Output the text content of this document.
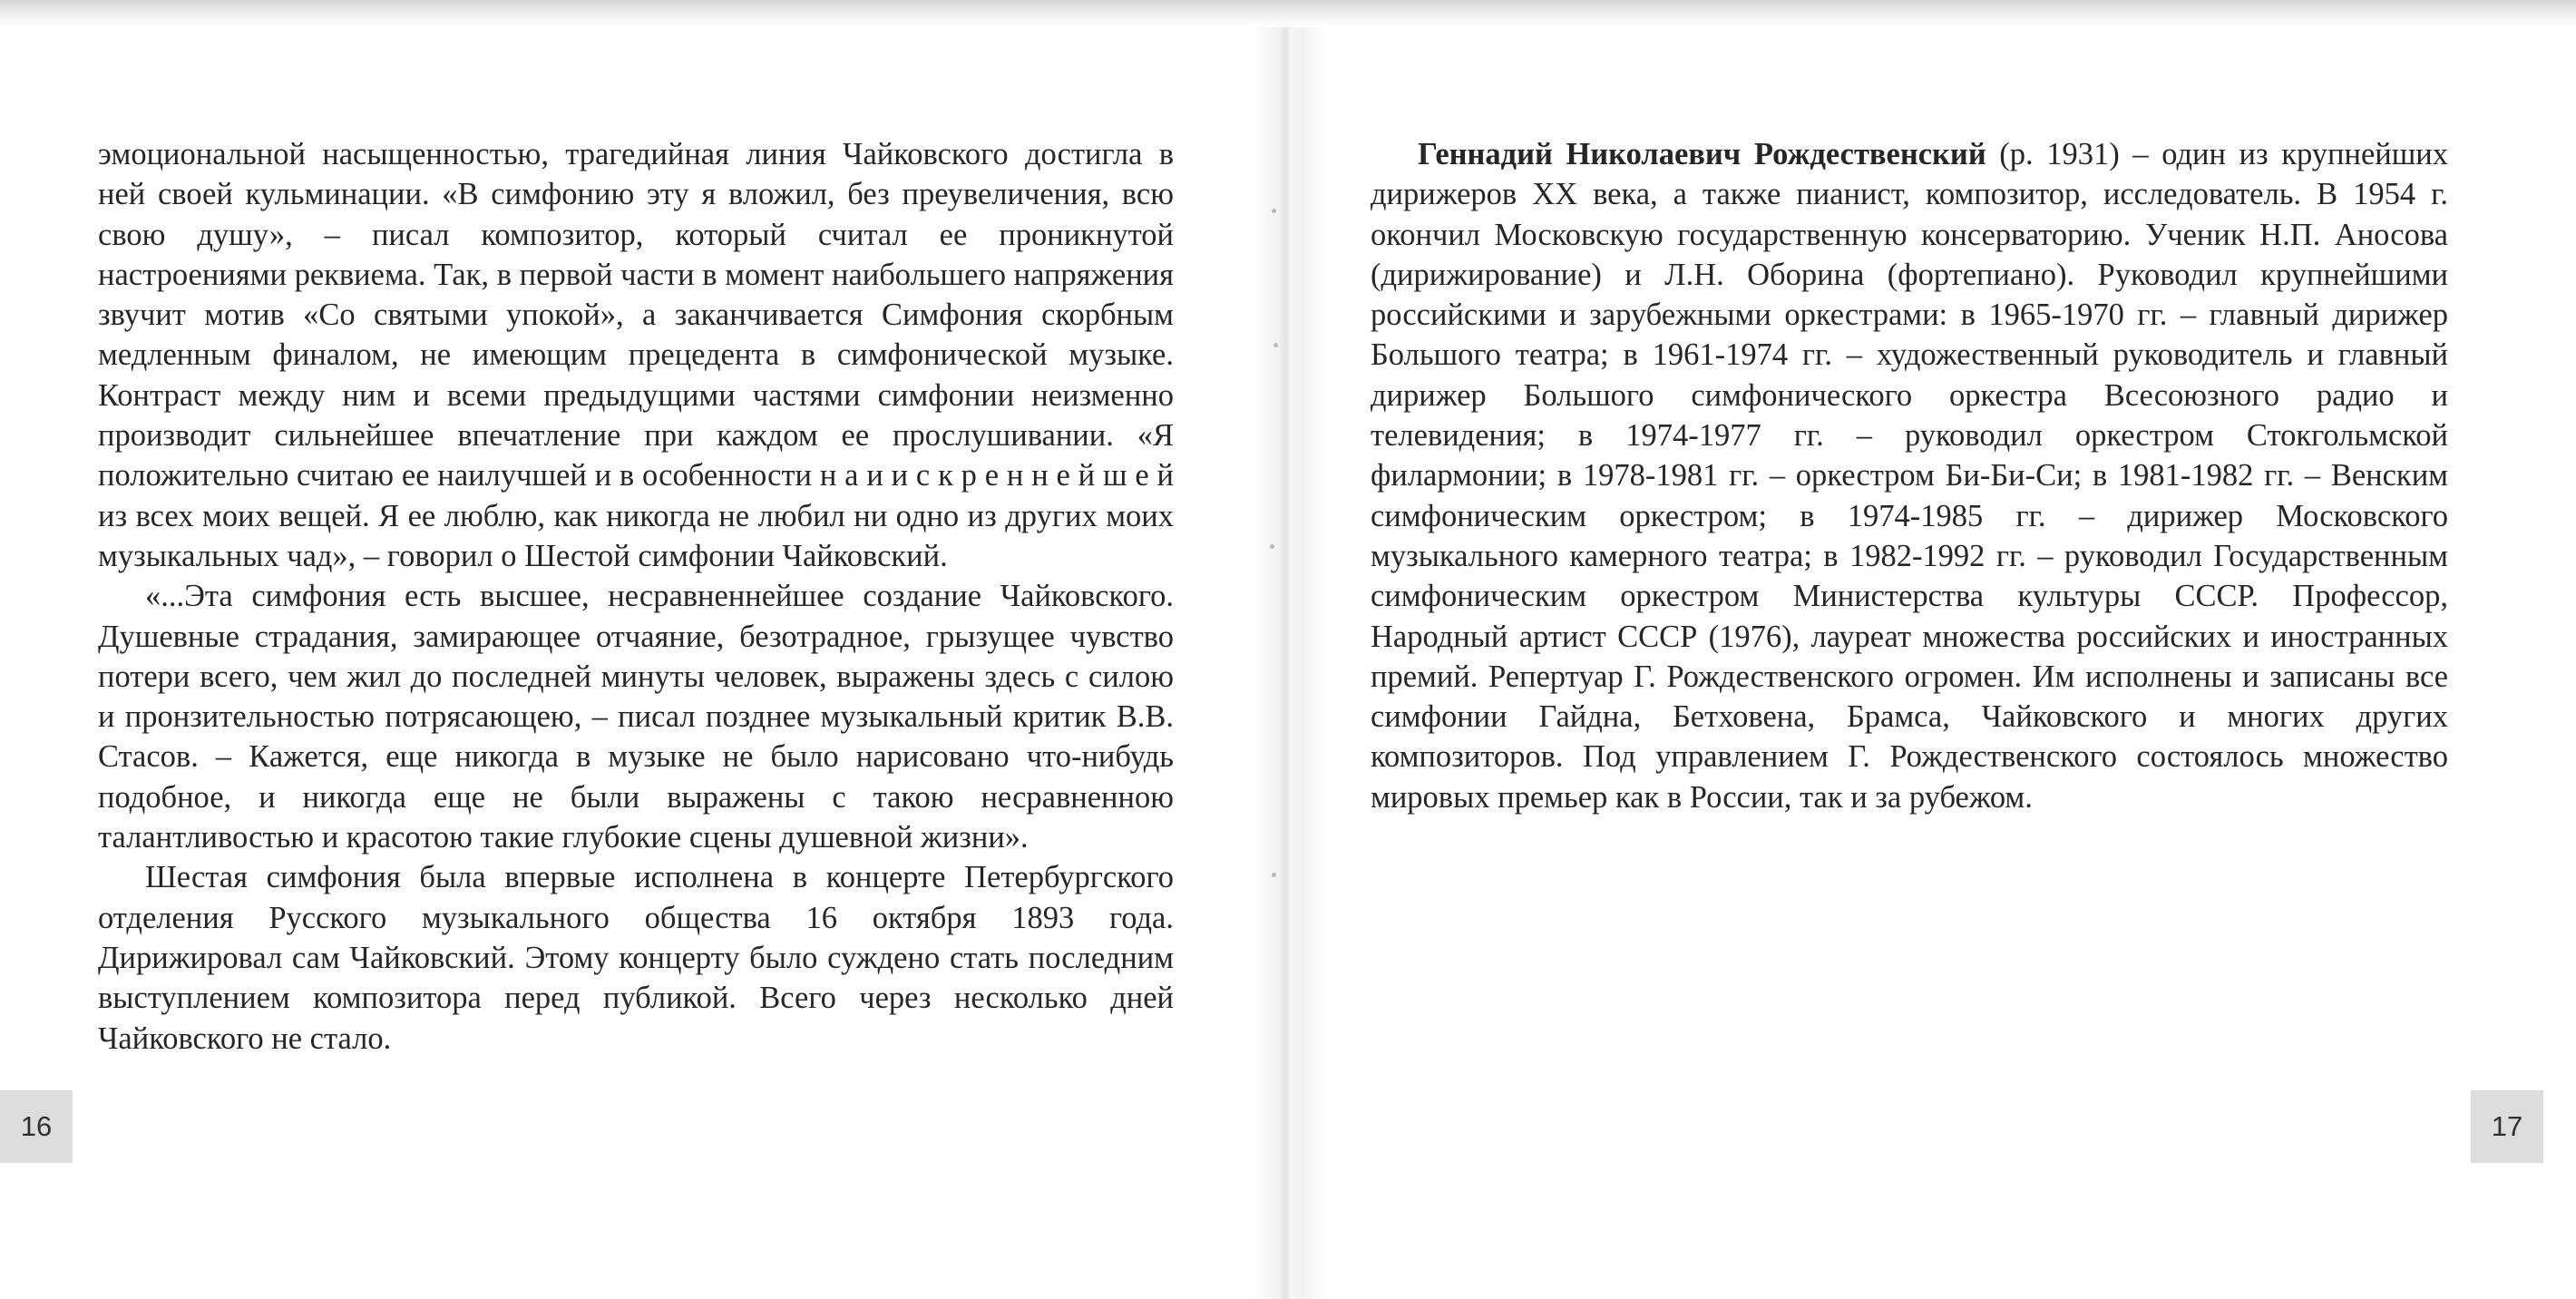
эмоциональной насыщенностью, трагедийная линия Чайковского достигла в ней своей кульминации. «В симфонию эту я вложил, без преувеличения, всю свою душу», – писал композитор, который считал ее проникнутой настроениями реквиема. Так, в первой части в момент наибольшего напряжения звучит мотив «Со святыми упокой», а заканчивается Симфония скорбным медленным финалом, не имеющим прецедента в симфонической музыке. Контраст между ним и всеми предыдущими частями симфонии неизменно производит сильнейшее впечатление при каждом ее прослушивании. «Я положительно считаю ее наилучшей и в особенности н а и и с к р е н н е й ш е й из всех моих вещей. Я ее люблю, как никогда не любил ни одно из других моих музыкальных чад», – говорил о Шестой симфонии Чайковский.

«...Эта симфония есть высшее, несравненнейшее создание Чайковского. Душевные страдания, замирающее отчаяние, безотрадное, грызущее чувство потери всего, чем жил до последней минуты человек, выражены здесь с силою и пронзительностью потрясающею, – писал позднее музыкальный критик В.В. Стасов. – Кажется, еще никогда в музыке не было нарисовано что-нибудь подобное, и никогда еще не были выражены с такою несравненною талантливостью и красотою такие глубокие сцены душевной жизни».

Шестая симфония была впервые исполнена в концерте Петербургского отделения Русского музыкального общества 16 октября 1893 года. Дирижировал сам Чайковский. Этому концерту было суждено стать последним выступлением композитора перед публикой. Всего через несколько дней Чайковского не стало.

Геннадий Николаевич Рождественский (р. 1931) – один из крупнейших дирижеров XX века, а также пианист, композитор, исследователь. В 1954 г. окончил Московскую государственную консерваторию. Ученик Н.П. Аносова (дирижирование) и Л.Н. Оборина (фортепиано). Руководил крупнейшими российскими и зарубежными оркестрами: в 1965-1970 гг. – главный дирижер Большого театра; в 1961-1974 гг. – художественный руководитель и главный дирижер Большого симфонического оркестра Всесоюзного радио и телевидения; в 1974-1977 гг. – руководил оркестром Стокгольмской филармонии; в 1978-1981 гг. – оркестром Би-Би-Си; в 1981-1982 гг. – Венским симфоническим оркестром; в 1974-1985 гг. – дирижер Московского музыкального камерного театра; в 1982-1992 гг. – руководил Государственным симфоническим оркестром Министерства культуры СССР. Профессор, Народный артист СССР (1976), лауреат множества российских и иностранных премий. Репертуар Г. Рождественского огромен. Им исполнены и записаны все симфонии Гайдна, Бетховена, Брамса, Чайковского и многих других композиторов. Под управлением Г. Рождественского состоялось множество мировых премьер как в России, так и за рубежом.

16	17
